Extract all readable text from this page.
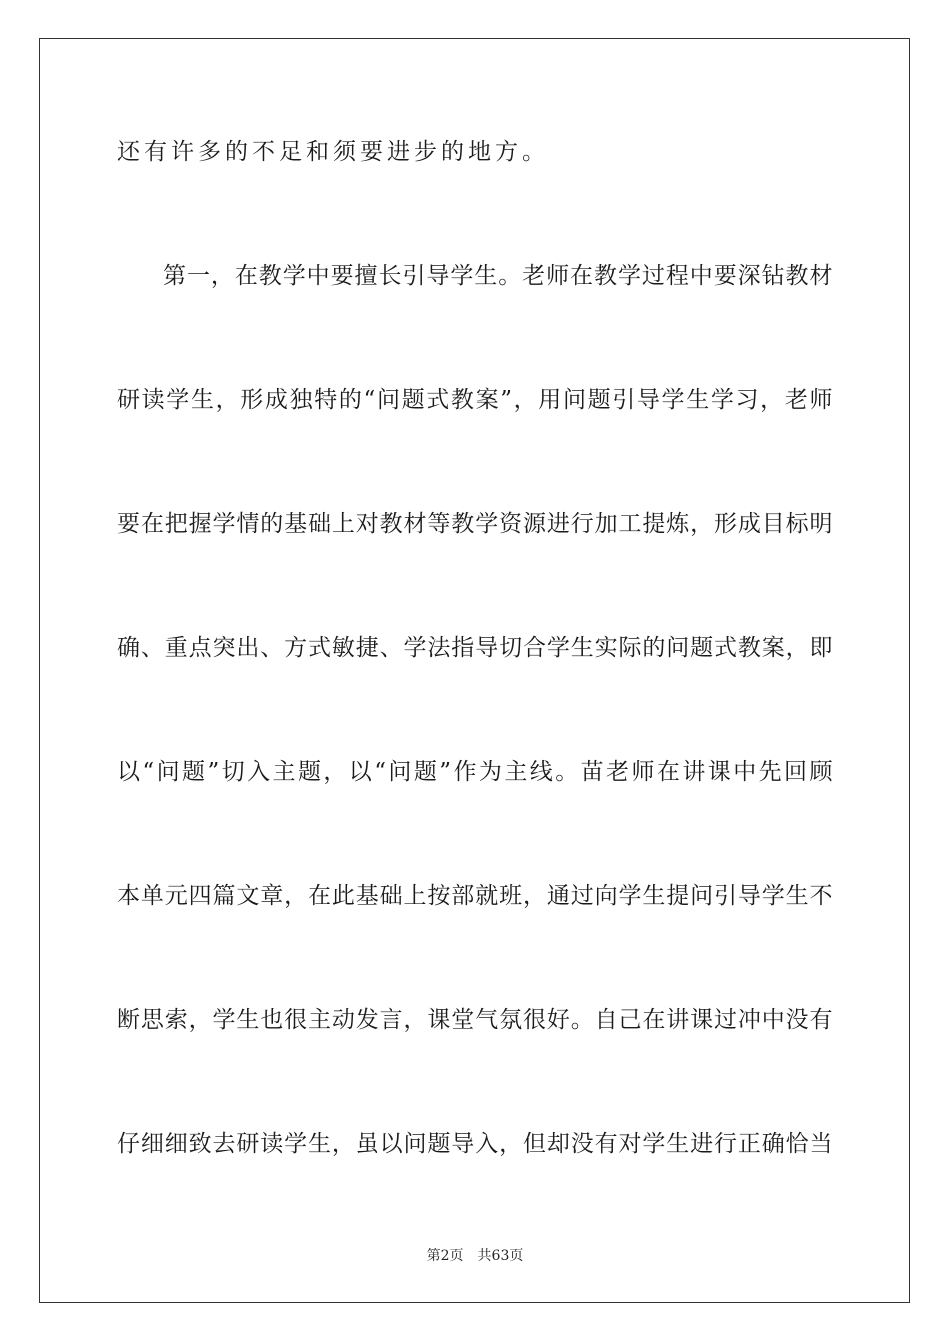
还有许多的不足和须要进步的地方。
第一，在教学中要擅长引导学生。老师在教学过程中要深钻教材
研读学生，形成独特的“问题式教案”，用问题引导学生学习，老师
要在把握学情的基础上对教材等教学资源进行加工提炼，形成目标明
确、重点突出、方式敏捷、学法指导切合学生实际的问题式教案，即
以“问题”切入主题，以“问题”作为主线。苗老师在讲课中先回顾
本单元四篇文章，在此基础上按部就班，通过向学生提问引导学生不
断思索，学生也很主动发言，课堂气氛很好。自己在讲课过冲中没有
仔细细致去研读学生，虽以问题导入，但却没有对学生进行正确恰当
第2页 共63页
